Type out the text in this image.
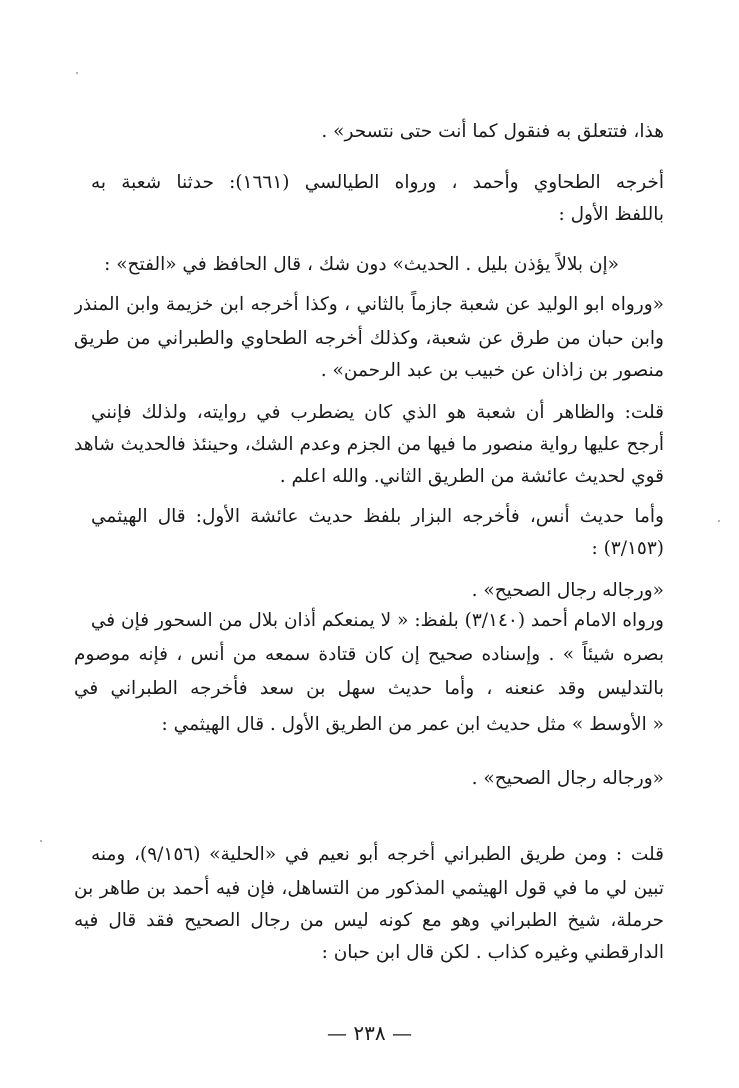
هذا، فتتعلق به فنقول كما أنت حتى نتسحر» .
أخرجه الطحاوي وأحمد ، ورواه الطيالسي (١٦٦١): حدثنا شعبة به
باللفظ الأول :
«إن بلالاً يؤذن بليل . الحديث» دون شك ، قال الحافظ في «الفتح» :
«ورواه ابو الوليد عن شعبة جازماً بالثاني ، وكذا أخرجه ابن خزيمة وابن المنذر
وابن حبان من طرق عن شعبة، وكذلك أخرجه الطحاوي والطبراني من طريق
منصور بن زاذان عن خبيب بن عبد الرحمن» .
قلت: والظاهر أن شعبة هو الذي كان يضطرب في روايته، ولذلك فإنني
أرجح عليها رواية منصور ما فيها من الجزم وعدم الشك، وحينئذ فالحديث شاهد
قوي لحديث عائشة من الطريق الثاني. والله اعلم .
وأما حديث أنس، فأخرجه البزار بلفظ حديث عائشة الأول: قال الهيثمي
(٣/١٥٣) :
«ورجاله رجال الصحيح» .
ورواه الامام أحمد (٣/١٤٠) بلفظ: « لا يمنعكم أذان بلال من السحور فإن في
بصره شيئاً » . وإسناده صحيح إن كان قتادة سمعه من أنس ، فإنه موصوم
بالتدليس وقد عنعنه ، وأما حديث سهل بن سعد فأخرجه الطبراني في
« الأوسط » مثل حديث ابن عمر من الطريق الأول . قال الهيثمي :
«ورجاله رجال الصحيح» .
قلت : ومن طريق الطبراني أخرجه أبو نعيم في «الحلية» (٩/١٥٦)، ومنه
تبين لي ما في قول الهيثمي المذكور من التساهل، فإن فيه أحمد بن طاهر بن
حرملة، شيخ الطبراني وهو مع كونه ليس من رجال الصحيح فقد قال فيه
الدارقطني وغيره كذاب . لكن قال ابن حبان :
— ٢٣٨ —
